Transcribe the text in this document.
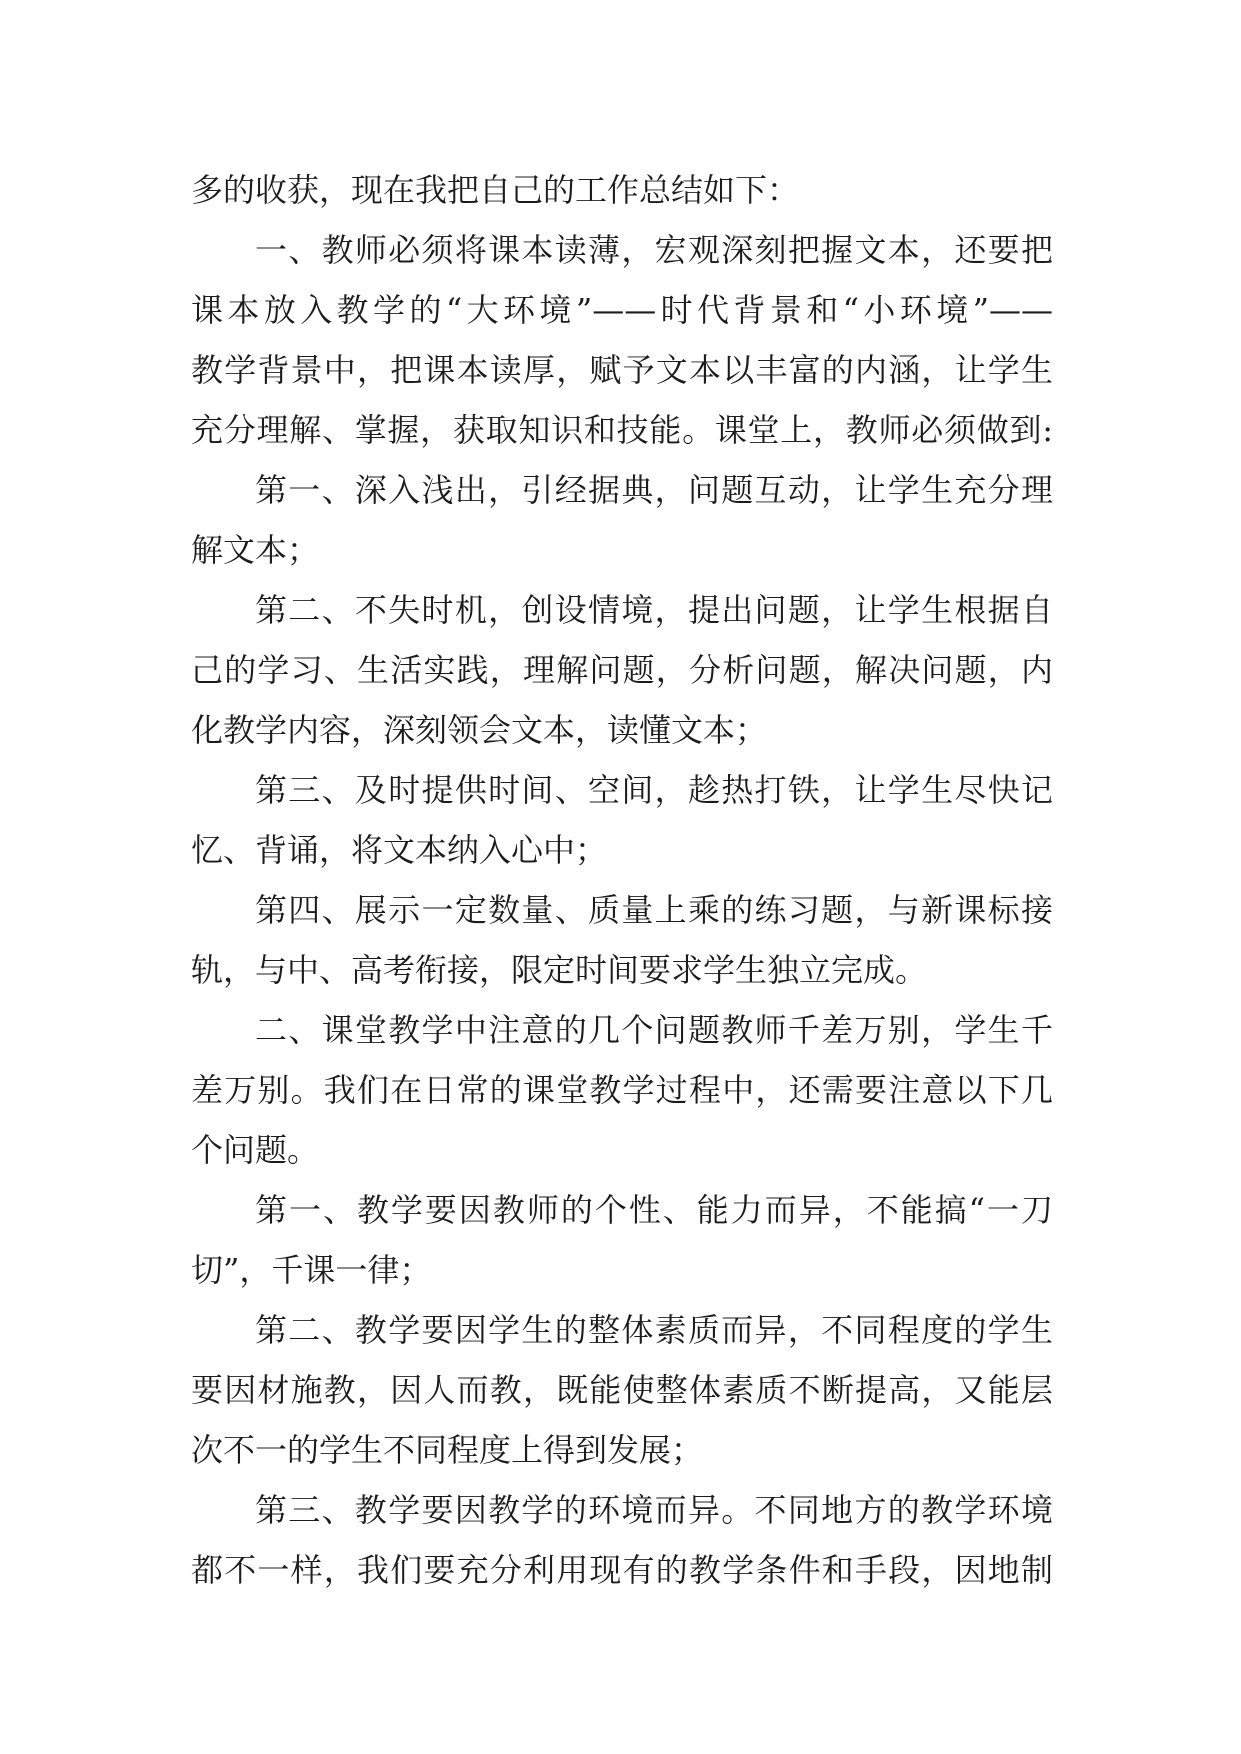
多的收获，现在我把自己的工作总结如下：
一、教师必须将课本读薄，宏观深刻把握文本，还要把
课本放入教学的“大环境”——时代背景和“小环境”——
教学背景中，把课本读厚，赋予文本以丰富的内涵，让学生
充分理解、掌握，获取知识和技能。课堂上，教师必须做到:
第一、深入浅出，引经据典，问题互动，让学生充分理
解文本；
第二、不失时机，创设情境，提出问题，让学生根据自
己的学习、生活实践，理解问题，分析问题，解决问题，内
化教学内容，深刻领会文本，读懂文本；
第三、及时提供时间、空间，趁热打铁，让学生尽快记
忆、背诵，将文本纳入心中；
第四、展示一定数量、质量上乘的练习题，与新课标接
轨，与中、高考衔接，限定时间要求学生独立完成。
二、课堂教学中注意的几个问题教师千差万别，学生千
差万别。我们在日常的课堂教学过程中，还需要注意以下几
个问题。
第一、教学要因教师的个性、能力而异，不能搞“一刀
切”，千课一律；
第二、教学要因学生的整体素质而异，不同程度的学生
要因材施教，因人而教，既能使整体素质不断提高，又能层
次不一的学生不同程度上得到发展；
第三、教学要因教学的环境而异。不同地方的教学环境
都不一样，我们要充分利用现有的教学条件和手段，因地制
